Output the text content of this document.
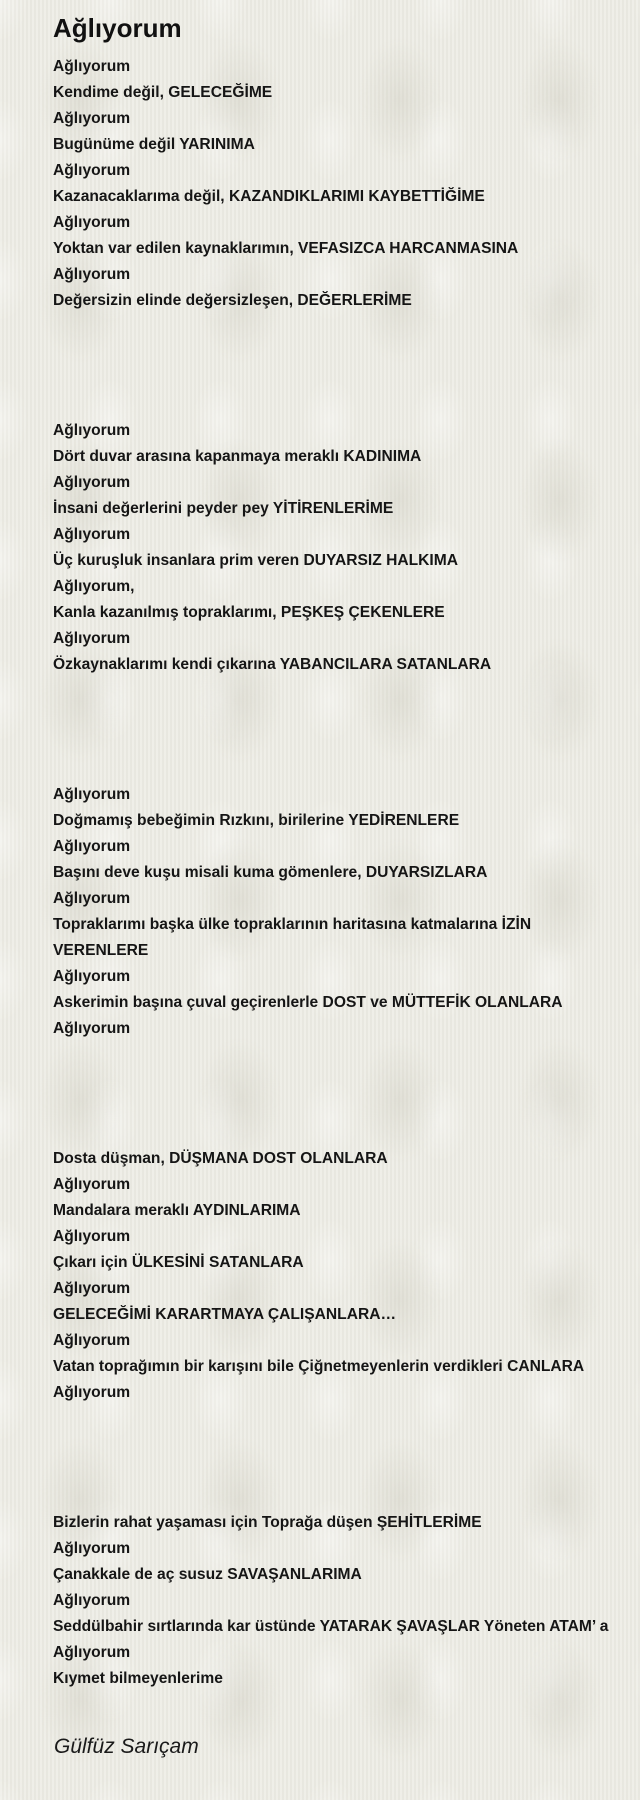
Ağlıyorum
Ağlıyorum
Kendime değil, GELECEĞİME
Ağlıyorum
Bugünüme değil YARINIMA
Ağlıyorum
Kazanacaklarıma değil, KAZANDIKLARIMI KAYBETTİĞİME
Ağlıyorum
Yoktan var edilen kaynaklarımın, VEFASIZCA HARCANMASINA
Ağlıyorum
Değersizin elinde değersizleşen, DEĞERLERİME
Ağlıyorum
Dört duvar arasına kapanmaya meraklı KADINIMA
Ağlıyorum
İnsani değerlerini peyder pey YİTİRENLERİME
Ağlıyorum
Üç kuruşluk insanlara prim veren DUYARSIZ HALKIMA
Ağlıyorum,
Kanla kazanılmış topraklarımı, PEŞKEŞ ÇEKENLERE
Ağlıyorum
Özkaynaklarımı kendi çıkarına YABANCILARA SATANLARA
Ağlıyorum
Doğmamış bebeğimin Rızkını, birilerine YEDİRENLERE
Ağlıyorum
Başını deve kuşu misali kuma gömenlere, DUYARSIZLARA
Ağlıyorum
Topraklarımı başka ülke topraklarının haritasına katmalarına İZİN VERENLERE
Ağlıyorum
Askerimin başına çuval geçirenlerle DOST ve MÜTTEFİK OLANLARA
Ağlıyorum
Dosta düşman, DÜŞMANA DOST OLANLARA
Ağlıyorum
Mandalara meraklı AYDINLARIMA
Ağlıyorum
Çıkarı için ÜLKESİNİ SATANLARA
Ağlıyorum
GELECEĞİMİ KARARTMAYA ÇALIŞANLARA…
Ağlıyorum
Vatan toprağımın bir karışını bile Çiğnetmeyenlerin verdikleri CANLARA
Ağlıyorum
Bizlerin rahat yaşaması için Toprağa düşen ŞEHİTLERİME
Ağlıyorum
Çanakkale de aç susuz SAVAŞANLARIMA
Ağlıyorum
Seddülbahir sırtlarında kar üstünde YATARAK ŞAVAŞLAR Yöneten ATAM’ a
Ağlıyorum
Kıymet bilmeyenlerime
Gülfüz Sarıçam
